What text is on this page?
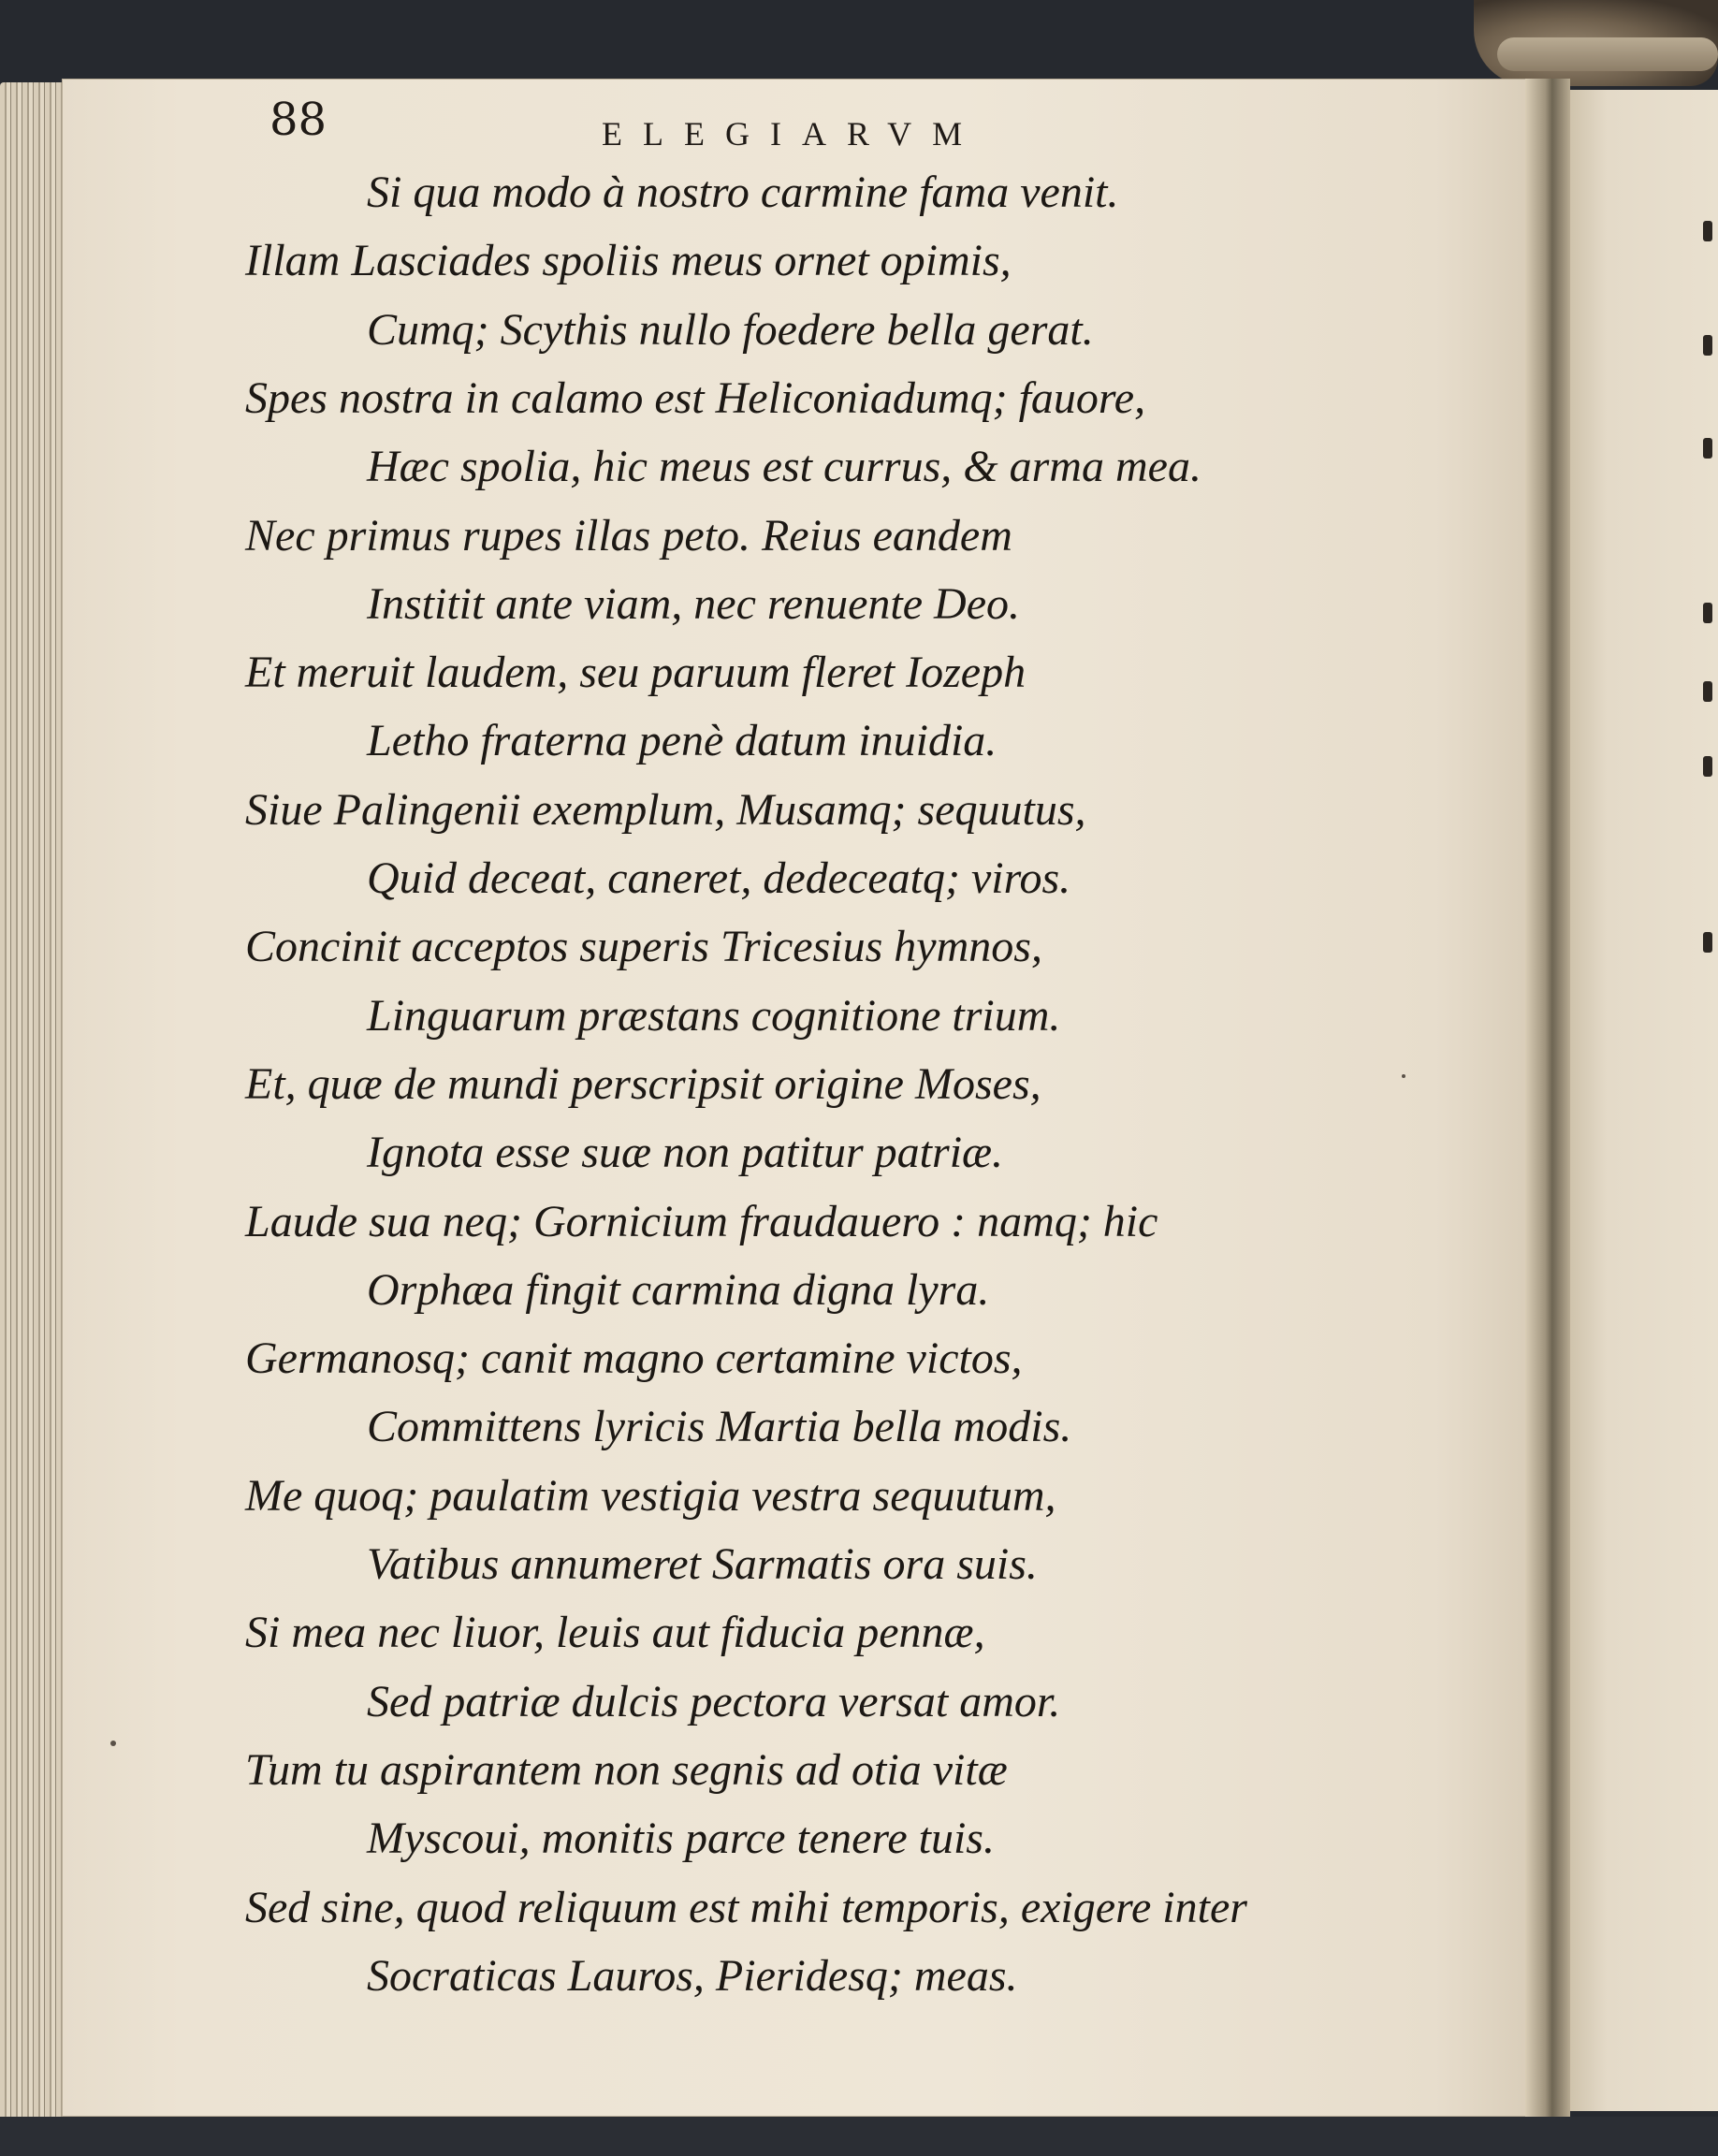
88	ELEGIARVM
Si qua modo à nostro carmine fama venit.
Illam Lasciades spoliis meus ornet opimis,
Cumq; Scythis nullo foedere bella gerat.
Spes nostra in calamo est Heliconiadumq; fauore,
Hæc spolia, hic meus est currus, & arma mea.
Nec primus rupes illas peto. Reius eandem
Institit ante viam, nec renuente Deo.
Et meruit laudem, seu paruum fleret Iozeph
Letho fraterna penè datum inuidia.
Siue Palingenii exemplum, Musamq; sequutus,
Quid deceat, caneret, dedeceatq; viros.
Concinit acceptos superis Tricesius hymnos,
Linguarum præstans cognitione trium.
Et, quæ de mundi perscripsit origine Moses,
Ignota esse suæ non patitur patriæ.
Laude sua neq; Gornicium fraudauero : namq; hic
Orphæa fingit carmina digna lyra.
Germanosq; canit magno certamine victos,
Committens lyricis Martia bella modis.
Me quoq; paulatim vestigia vestra sequutum,
Vatibus annumeret Sarmatis ora suis.
Si mea nec liuor, leuis aut fiducia pennæ,
Sed patriæ dulcis pectora versat amor.
Tum tu aspirantem non segnis ad otia vitæ
Myscoui, monitis parce tenere tuis.
Sed sine, quod reliquum est mihi temporis, exigere inter
Socraticas Lauros, Pieridesq; meas.
